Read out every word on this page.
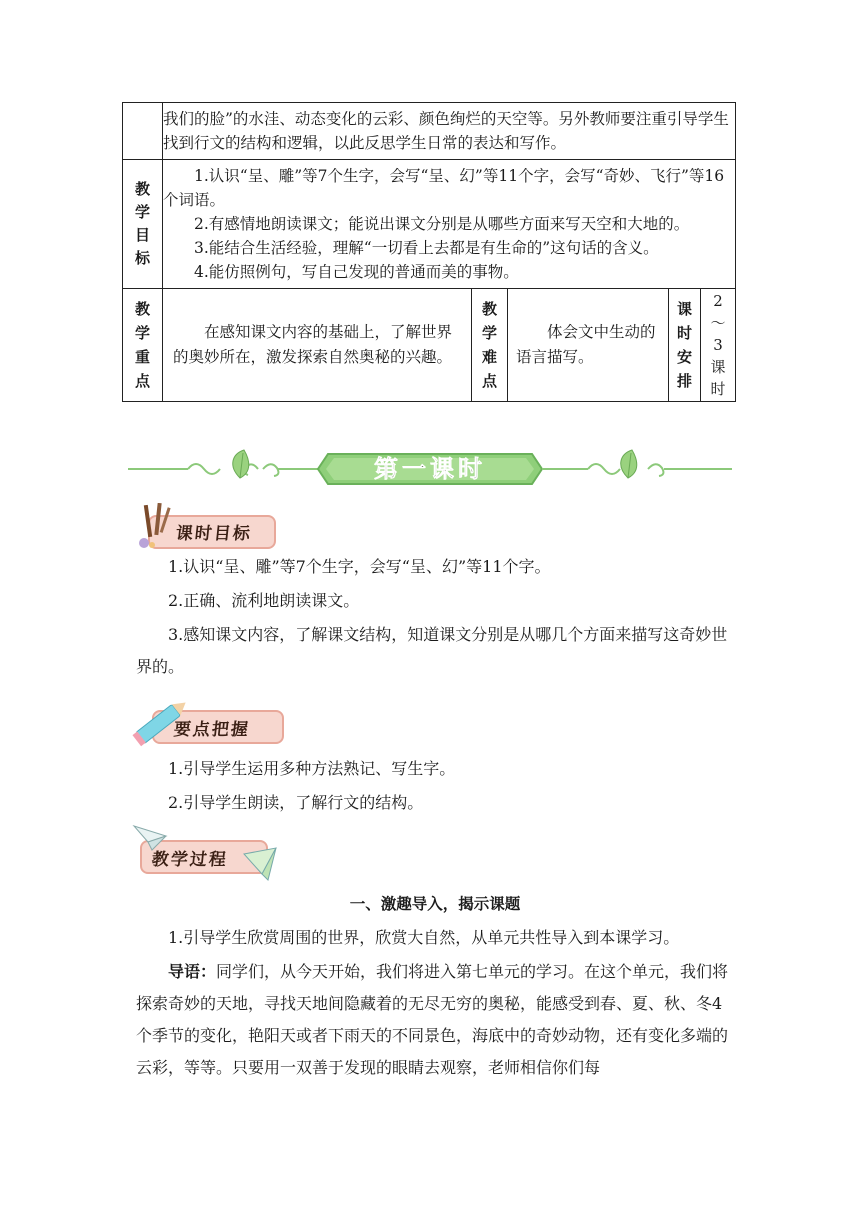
	我们的脸”的水洼、动态变化的云彩、颜色绚烂的天空等。另外教师要注重引导学生找到行文的结构和逻辑，以此反思学生日常的表达和写作。				

教学目标	1.认识“呈、雕”等7个生字，会写“呈、幻”等11个字，会写“奇妙、飞行”等16个词语。

2.有感情地朗读课文；能说出课文分别是从哪些方面来写天空和大地的。

3.能结合生活经验，理解“一切看上去都是有生命的”这句话的含义。

4.能仿照例句，写自己发现的普通而美的事物。				

教学重点	在感知课文内容的基础上，了解世界的奥妙所在，激发探索自然奥秘的兴趣。	教学难点	体会文中生动的语言描写。	课时安排	2～3课时
第一课时
课时目标

1.认识“呈、雕”等7个生字，会写“呈、幻”等11个字。

2.正确、流利地朗读课文。

3.感知课文内容，了解课文结构，知道课文分别是从哪几个方面来描写这奇妙世界的。

要点把握

1.引导学生运用多种方法熟记、写生字。

2.引导学生朗读，了解行文的结构。

教学过程

一、激趣导入，揭示课题

1.引导学生欣赏周围的世界，欣赏大自然，从单元共性导入到本课学习。

导语：同学们，从今天开始，我们将进入第七单元的学习。在这个单元，我们将探索奇妙的天地，寻找天地间隐藏着的无尽无穷的奥秘，能感受到春、夏、秋、冬4个季节的变化，艳阳天或者下雨天的不同景色，海底中的奇妙动物，还有变化多端的云彩，等等。只要用一双善于发现的眼睛去观察，老师相信你们每
